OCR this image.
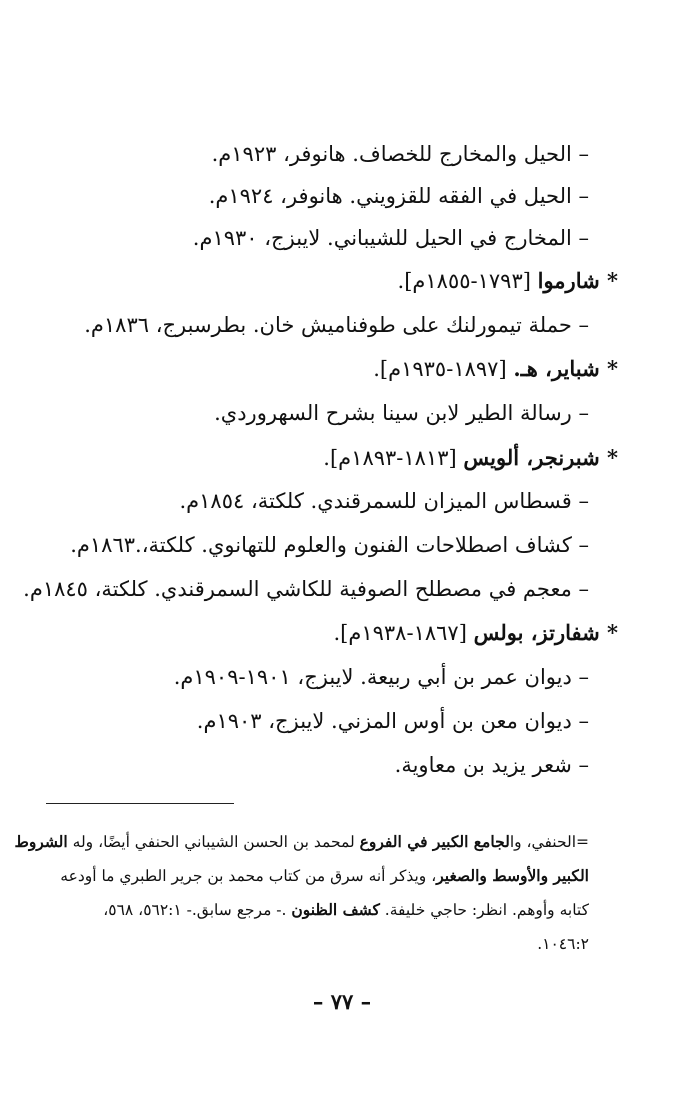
– الحيل والمخارج للخصاف. هانوفر، ١٩٢٣م.
– الحيل في الفقه للقزويني. هانوفر، ١٩٢٤م.
– المخارج في الحيل للشيباني. لايبزج، ١٩٣٠م.
* شارموا [١٧٩٣-١٨٥٥م].
– حملة تيمورلنك على طوفناميش خان. بطرسبرج، ١٨٣٦م.
* شباير، هـ. [١٨٩٧-١٩٣٥م].
– رسالة الطير لابن سينا بشرح السهروردي.
* شبرنجر، ألويس [١٨١٣-١٨٩٣م].
– قسطاس الميزان للسمرقندي. كلكتة، ١٨٥٤م.
– كشاف اصطلاحات الفنون والعلوم للتهانوي. كلكتة،.١٨٦٣م.
– معجم في مصطلح الصوفية للكاشي السمرقندي. كلكتة، ١٨٤٥م.
* شفارتز، بولس [١٨٦٧-١٩٣٨م].
– ديوان عمر بن أبي ربيعة. لايبزج، ١٩٠١-١٩٠٩م.
– ديوان معن بن أوس المزني. لايبزج، ١٩٠٣م.
– شعر يزيد بن معاوية.
=الحنفي، والجامع الكبير في الفروع لمحمد بن الحسن الشيباني الحنفي أيضًا، وله الشروط
الكبير والأوسط والصغير، ويذكر أنه سرق من كتاب محمد بن جرير الطبري ما أودعه
كتابه وأوهم. انظر: حاجي خليفة. كشف الظنون .- مرجع سابق.- ٥٦٢:١، ٥٦٨،
١٠٤٦:٢.
– ٧٧ –
